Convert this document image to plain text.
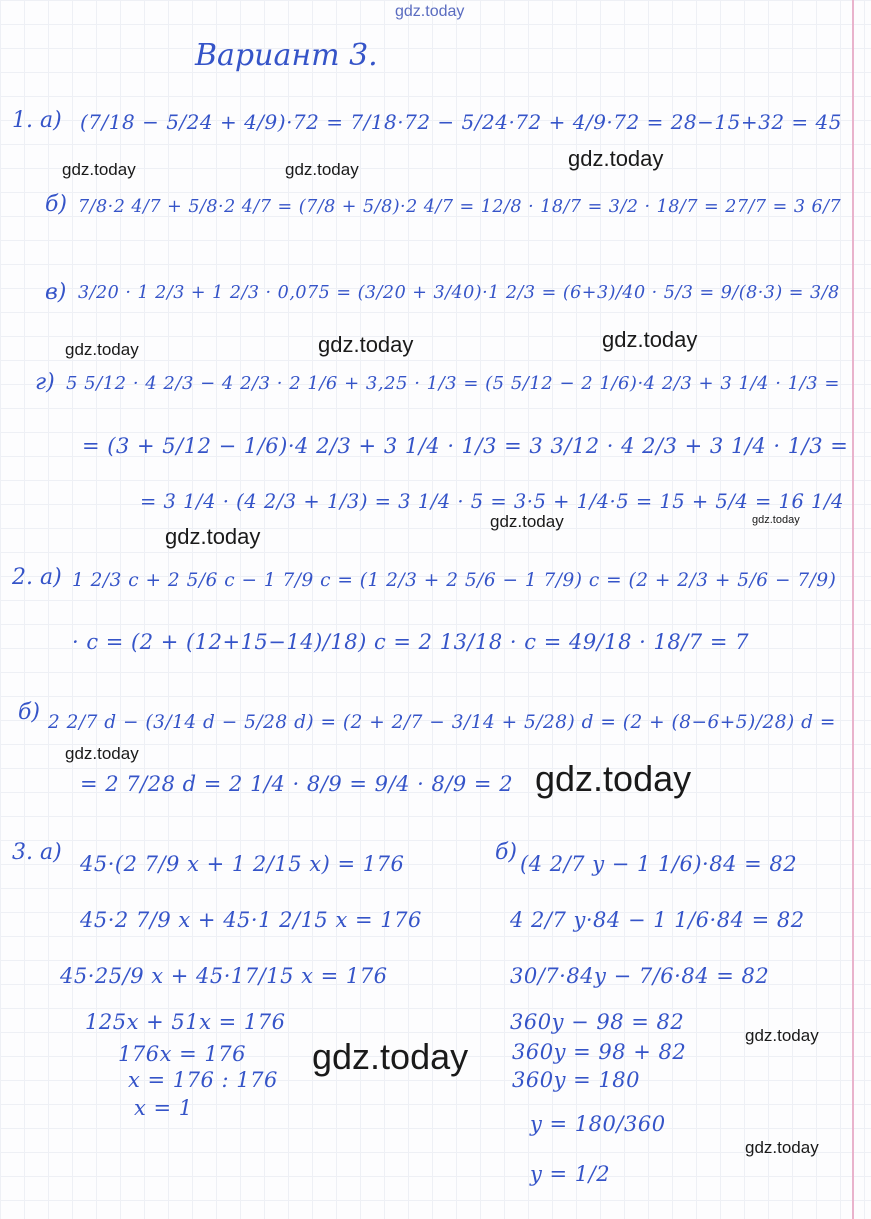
Вариант 3.
1. а) (7/18 − 5/24 + 4/9)·72 = 7/18·72 − 5/24·72 + 4/9·72 = 28−15+32 = 45
б) 7/8·2 4/7 + 5/8·2 4/7 = (7/8 + 5/8)·2 4/7 = 12/8 · 18/7 = 3/2 · 18/7 = 27/7 = 3 6/7
в) 3/20 · 1 2/3 + 1 2/3 · 0,075 = (3/20 + 3/40)·1 2/3 = (6+3)/40 · 5/3 = 9/(8·3) = 3/8
г) 5 5/12 · 4 2/3 − 4 2/3 · 2 1/6 + 3,25 · 1/3 = (5 5/12 − 2 1/6)·4 2/3 + 3 1/4 · 1/3 =
= (3 + 5/12 − 1/6)·4 2/3 + 3 1/4 · 1/3 = 3 3/12 · 4 2/3 + 3 1/4 · 1/3 =
= 3 1/4 · (4 2/3 + 1/3) = 3 1/4 · 5 = 3·5 + 1/4·5 = 15 + 5/4 = 16 1/4
2. а) 1 2/3 c + 2 5/6 c − 1 7/9 c = (1 2/3 + 2 5/6 − 1 7/9) c = (2 + 2/3 + 5/6 − 7/9)
· c = (2 + (12+15−14)/18) c = 2 13/18 · c = 49/18 · 18/7 = 7
б) 2 2/7 d − (3/14 d − 5/28 d) = (2 + 2/7 − 3/14 + 5/28) d = (2 + (8−6+5)/28) d =
= 2 7/28 d = 2 1/4 · 8/9 = 9/4 · 8/9 = 2
3. а) 45·(2 7/9 x + 1 2/15 x) = 176
45·2 7/9 x + 45·1 2/15 x = 176
45·25/9 x + 45·17/15 x = 176
125x + 51x = 176
176x = 176
x = 176 : 176
x = 1
б) (4 2/7 y − 1 1/6)·84 = 82
4 2/7 y·84 − 1 1/6·84 = 82
30/7·84y − 7/6·84 = 82
360y − 98 = 82
360y = 98 + 82
360y = 180
y = 180/360
y = 1/2
gdz.today
gdz.today	gdz.today	gdz.today
gdz.today	gdz.today	gdz.today
gdz.today	gdz.today
gdz.today
gdz.today
gdz.today
gdz.today
gdz.today
gdz.today
